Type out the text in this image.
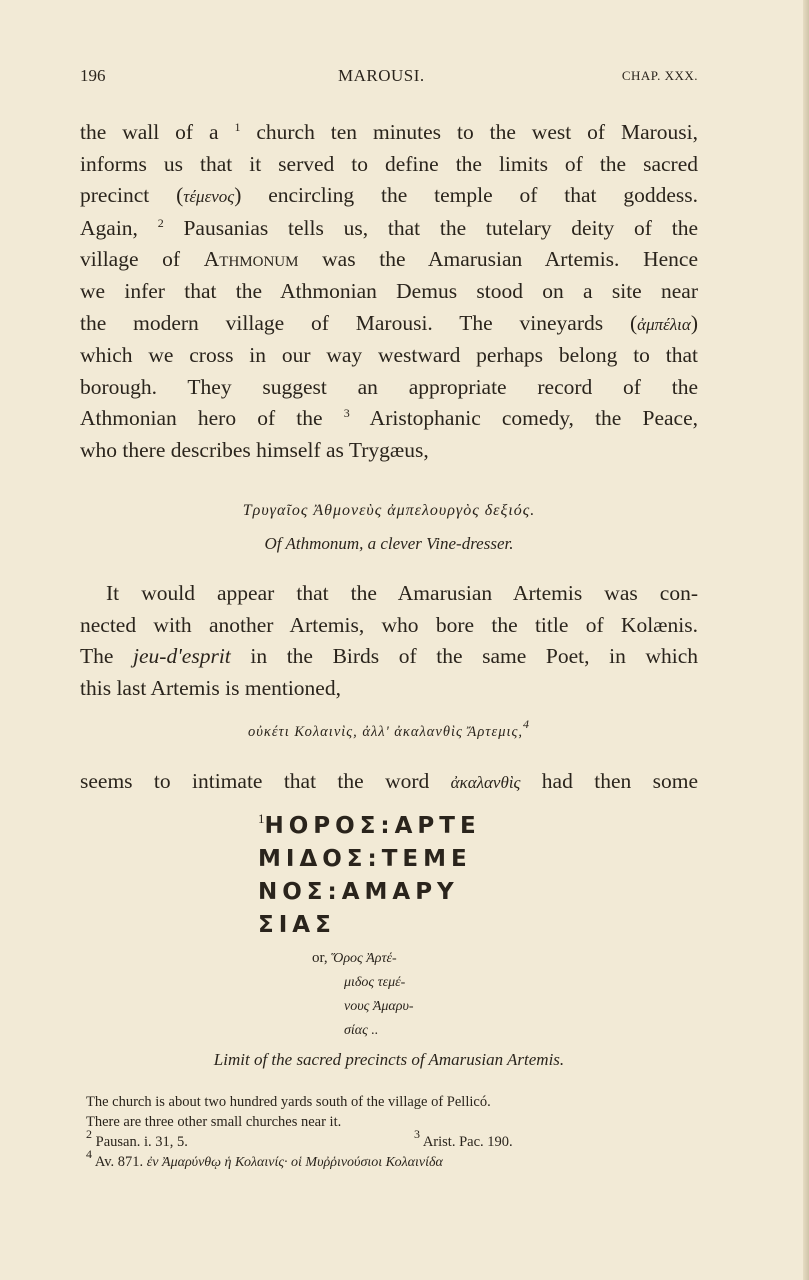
196	MAROUSI.	CHAP. XXX.
the wall of a $^1$ church ten minutes to the west of Marousi,
informs us that it served to define the limits of the sacred
precinct (τέμενος) encircling the temple of that goddess.
Again, $^2$ Pausanias tells us, that the tutelary deity of the
village of Athmonum was the Amarusian Artemis. Hence
we infer that the Athmonian Demus stood on a site near
the modern village of Marousi. The vineyards (ἀμπέλια)
which we cross in our way westward perhaps belong to that
borough. They suggest an appropriate record of the
Athmonian hero of the $^3$ Aristophanic comedy, the Peace,
who there describes himself as Trygæus,
Τρυγαῖος Ἀθμονεὺς ἀμπελουργὸς δεξιός.
Of Athmonum, a clever Vine-dresser.
It would appear that the Amarusian Artemis was con-
nected with another Artemis, who bore the title of Kolænis.
The jeu-d'esprit in the Birds of the same Poet, in which
this last Artemis is mentioned,
οὐκέτι Κολαινὶς, ἀλλ' ἀκαλανθὶς Ἄρτεμις,$^4$
seems to intimate that the word ἀκαλανθὶς had then some
$^1$ΗΟΡΟΣ:ΑΡΤΕ
ΜΙΔΟΣ:ΤΕΜΕ
ΝΟΣ:ΑΜΑΡΥ
ΣΙΑΣ
or, Ὅρος Ἀρτέ-
μιδος τεμέ-
νους Ἀμαρυ-
σίας ..
Limit of the sacred precincts of Amarusian Artemis.
The church is about two hundred yards south of the village of Pellicó.
There are three other small churches near it.
$^2$ Pausan. i. 31, 5.	$^3$ Arist. Pac. 190.
$^4$ Av. 871. ἐν Ἀμαρύνθῳ ἡ Κολαινίς· οἱ Μυῤῥινούσιοι Κολαινίδα
